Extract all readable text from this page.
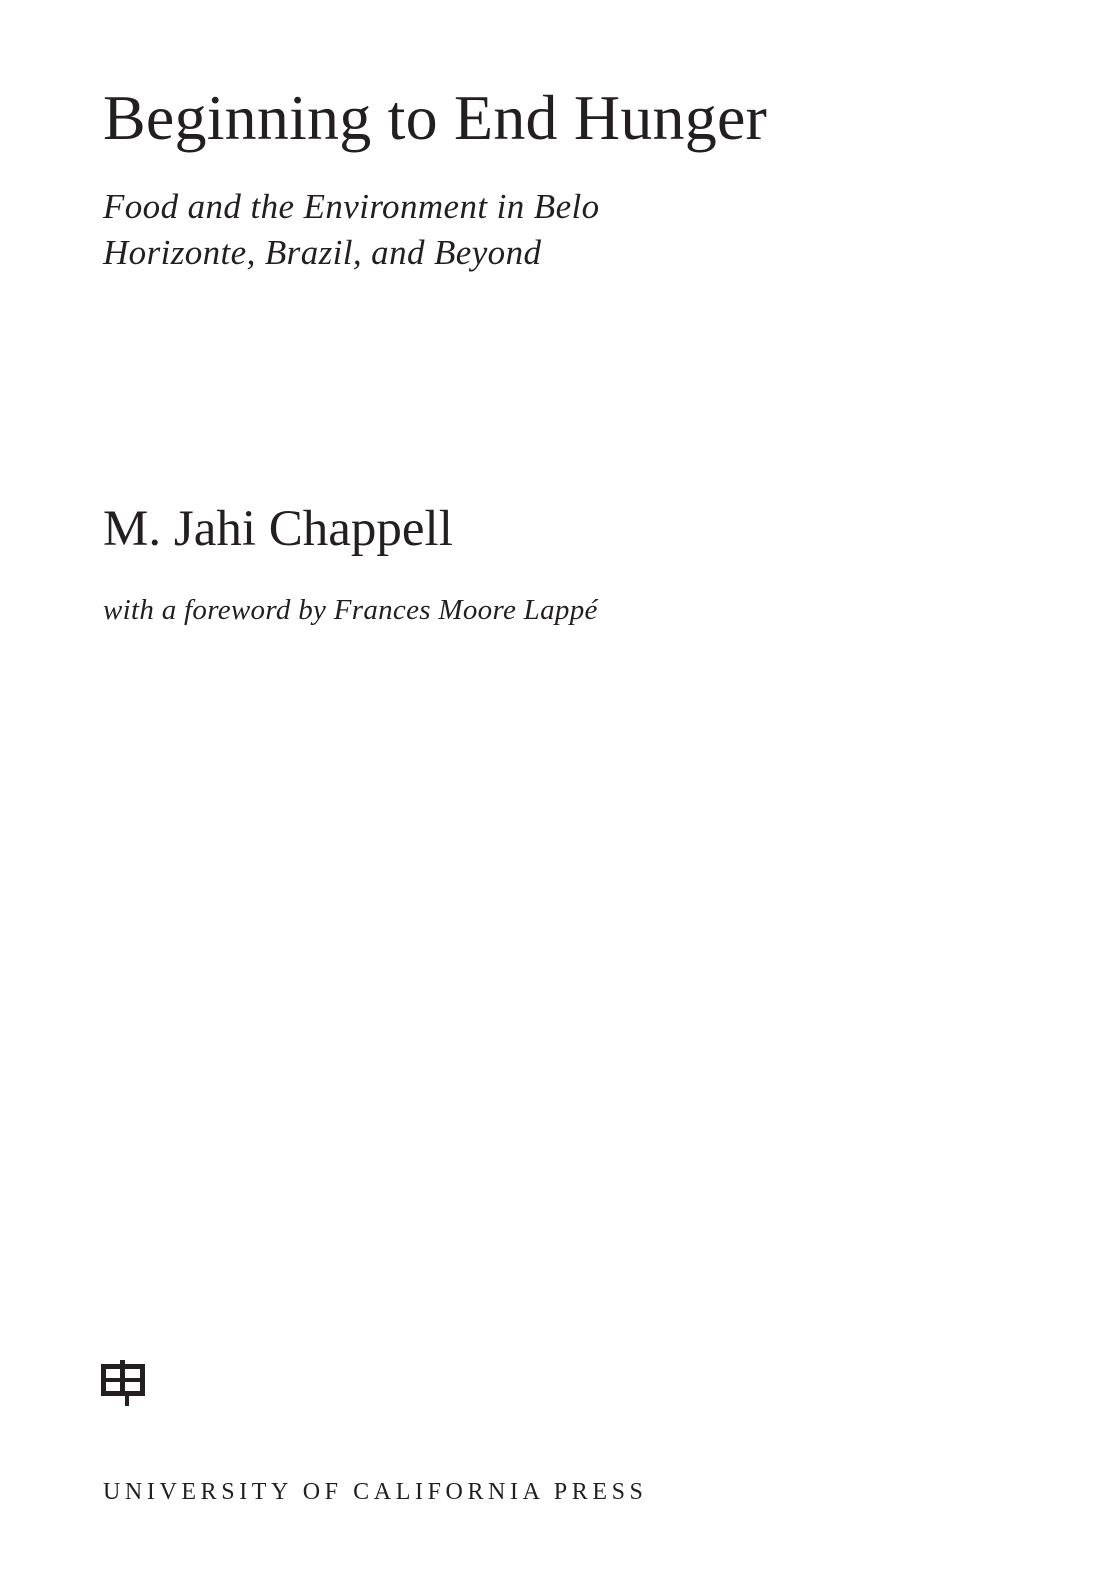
Beginning to End Hunger
Food and the Environment in Belo
Horizonte, Brazil, and Beyond
M. Jahi Chappell
with a foreword by Frances Moore Lappé
UNIVERSITY OF CALIFORNIA PRESS
